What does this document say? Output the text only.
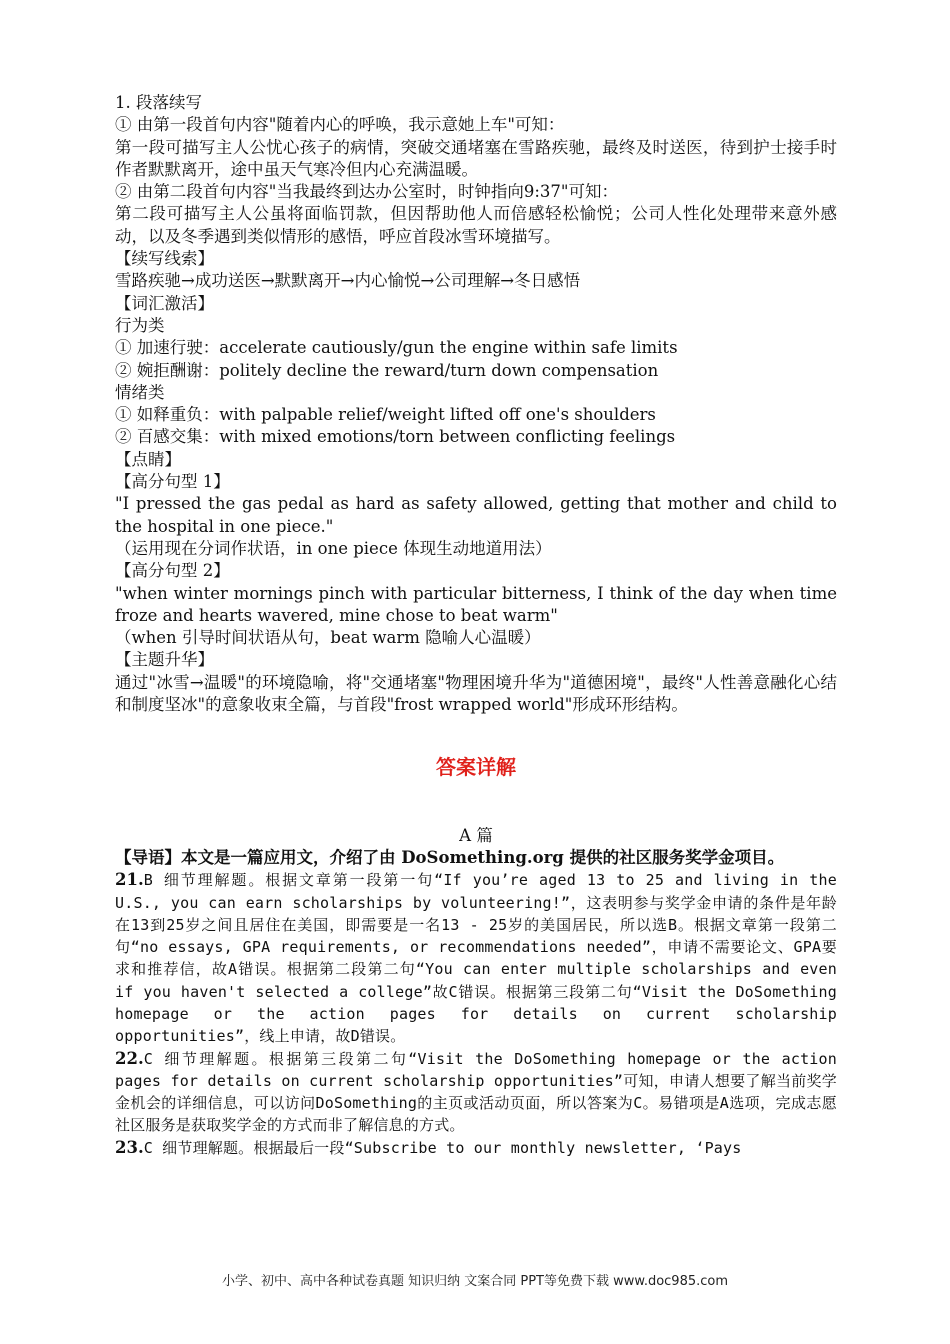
1. 段落续写

① 由第一段首句内容"随着内心的呼唤，我示意她上车"可知：

第一段可描写主人公忧心孩子的病情，突破交通堵塞在雪路疾驰，最终及时送医，待到护士接手时作者默默离开，途中虽天气寒冷但内心充满温暖。

② 由第二段首句内容"当我最终到达办公室时，时钟指向9:37"可知：

第二段可描写主人公虽将面临罚款，但因帮助他人而倍感轻松愉悦；公司人性化处理带来意外感动，以及冬季遇到类似情形的感悟，呼应首段冰雪环境描写。

【续写线索】

雪路疾驰→成功送医→默默离开→内心愉悦→公司理解→冬日感悟

【词汇激活】

行为类

① 加速行驶：accelerate cautiously/gun the engine within safe limits

② 婉拒酬谢：politely decline the reward/turn down compensation

情绪类

① 如释重负：with palpable relief/weight lifted off one's shoulders

② 百感交集：with mixed emotions/torn between conflicting feelings

【点睛】

【高分句型 1】

"I pressed the gas pedal as hard as safety allowed, getting that mother and child to the hospital in one piece."

（运用现在分词作状语，in one piece 体现生动地道用法）

【高分句型 2】

"when winter mornings pinch with particular bitterness, I think of the day when time froze and hearts wavered, mine chose to beat warm"

（when 引导时间状语从句，beat warm 隐喻人心温暖）

【主题升华】

通过"冰雪→温暖"的环境隐喻，将"交通堵塞"物理困境升华为"道德困境"，最终"人性善意融化心结和制度坚冰"的意象收束全篇，与首段"frost wrapped world"形成环形结构。

答案详解

A 篇

【导语】本文是一篇应用文，介绍了由 DoSomething.org 提供的社区服务奖学金项目。

21.B 细节理解题。根据文章第一段第一句“If you’re aged 13 to 25 and living in the U.S., you can earn scholarships by volunteering!”，这表明参与奖学金申请的条件是年龄在13到25岁之间且居住在美国，即需要是一名13 - 25岁的美国居民，所以选B。根据文章第一段第二句“no essays, GPA requirements, or recommendations needed”，申请不需要论文、GPA要求和推荐信，故A错误。根据第二段第二句“You can enter multiple scholarships and even if you haven't selected a college”故C错误。根据第三段第二句“Visit the DoSomething homepage or the action pages for details on current scholarship opportunities”，线上申请，故D错误。

22.C 细节理解题。根据第三段第二句“Visit the DoSomething homepage or the action pages for details on current scholarship opportunities”可知，申请人想要了解当前奖学金机会的详细信息，可以访问DoSomething的主页或活动页面，所以答案为C。易错项是A选项，完成志愿社区服务是获取奖学金的方式而非了解信息的方式。

23.C 细节理解题。根据最后一段“Subscribe to our monthly newsletter, ‘Pays

小学、初中、高中各种试卷真题 知识归纳 文案合同 PPT等免费下载 www.doc985.com
